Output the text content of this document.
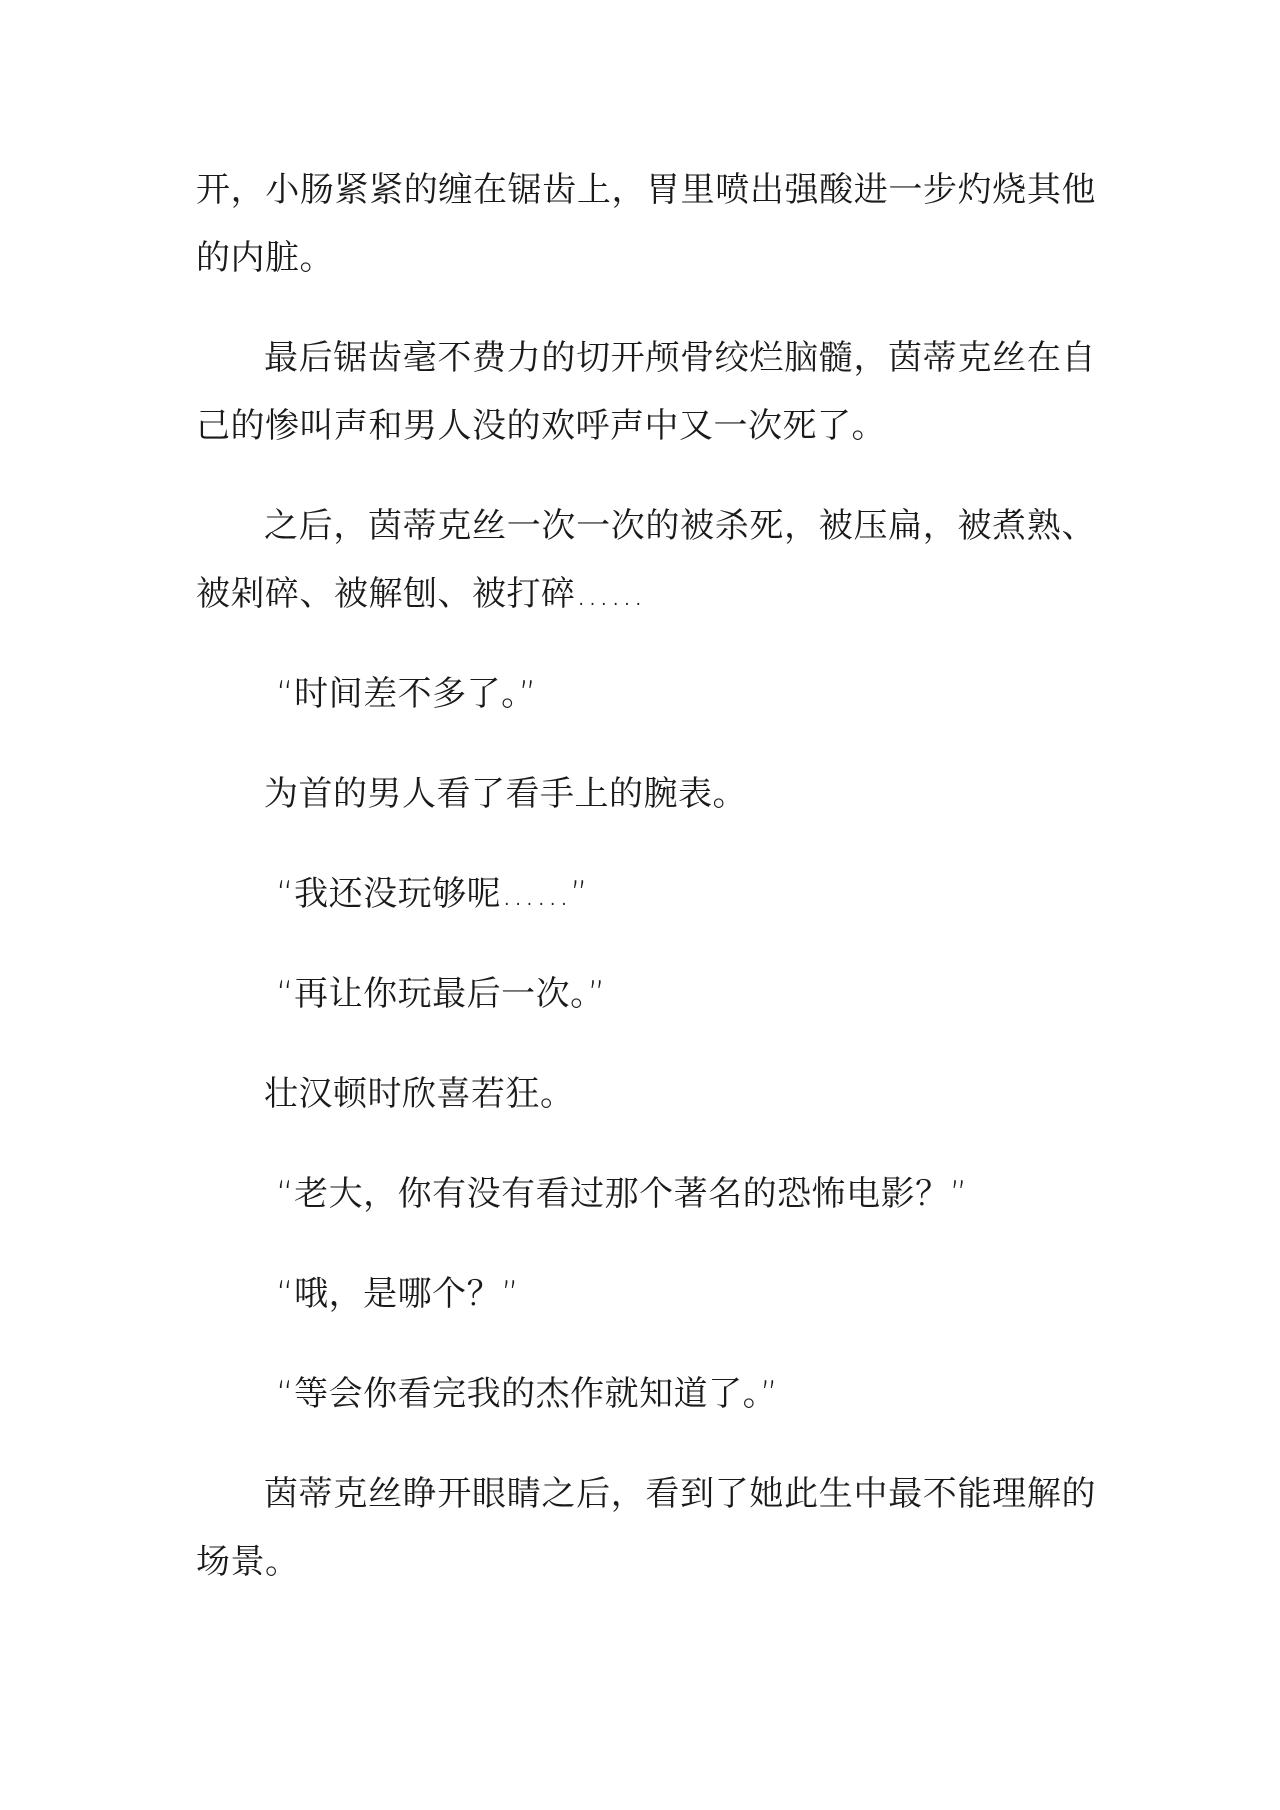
开，小肠紧紧的缠在锯齿上，胃里喷出强酸进一步灼烧其他的内脏。

最后锯齿毫不费力的切开颅骨绞烂脑髓，茵蒂克丝在自己的惨叫声和男人没的欢呼声中又一次死了。

之后，茵蒂克丝一次一次的被杀死，被压扁，被煮熟、被剁碎、被解刨、被打碎……

“时间差不多了。”

为首的男人看了看手上的腕表。

“我还没玩够呢……”

“再让你玩最后一次。”

壮汉顿时欣喜若狂。

“老大，你有没有看过那个著名的恐怖电影？”

“哦，是哪个？”

“等会你看完我的杰作就知道了。”

茵蒂克丝睁开眼睛之后，看到了她此生中最不能理解的场景。
